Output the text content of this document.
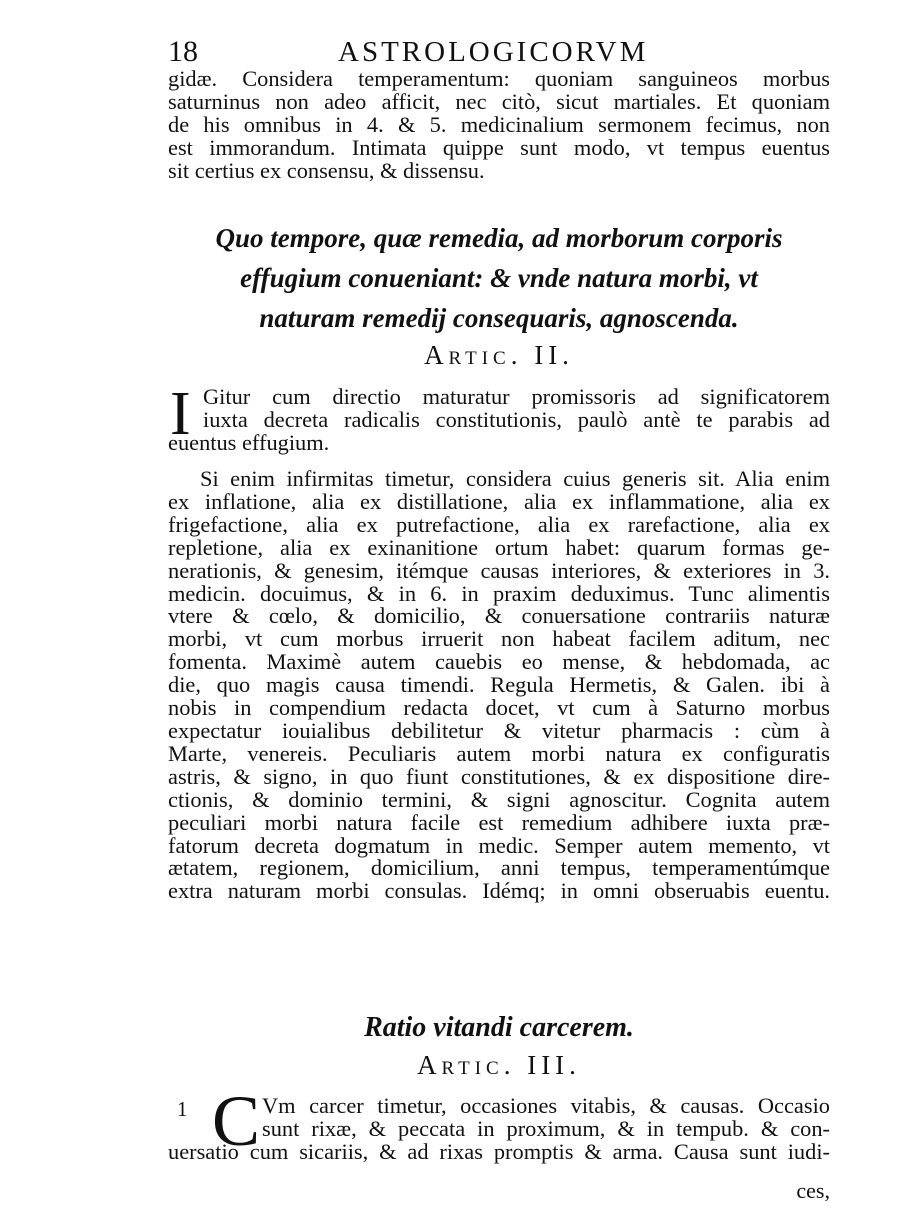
18	ASTROLOGICORVM
gidæ. Considera temperamentum: quoniam sanguineos morbus
saturninus non adeo afficit, nec citò, sicut martiales. Et quoniam
de his omnibus in 4. & 5. medicinalium sermonem fecimus, non
est immorandum. Intimata quippe sunt modo, vt tempus euentus
sit certius ex consensu, & dissensu.
Quo tempore, quæ remedia, ad morborum corporis
effugium conueniant: & vnde natura morbi, vt
naturam remedij consequaris, agnoscenda.
Artic. II.
I Gitur cum directio maturatur promissoris ad significatorem
iuxta decreta radicalis constitutionis, paulò antè te parabis ad
euentus effugium.
Si enim infirmitas timetur, considera cuius generis sit. Alia enim
ex inflatione, alia ex distillatione, alia ex inflammatione, alia ex
frigefactione, alia ex putrefactione, alia ex rarefactione, alia ex
repletione, alia ex exinanitione ortum habet: quarum formas ge-
nerationis, & genesim, itémque causas interiores, & exteriores in 3.
medicin. docuimus, & in 6. in praxim deduximus. Tunc alimentis
vtere & cœlo, & domicilio, & conuersatione contrariis naturæ
morbi, vt cum morbus irruerit non habeat facilem aditum, nec
fomenta. Maximè autem cauebis eo mense, & hebdomada, ac
die, quo magis causa timendi. Regula Hermetis, & Galen. ibi à
nobis in compendium redacta docet, vt cum à Saturno morbus
expectatur iouialibus debilitetur & vitetur pharmacis : cùm à
Marte, venereis. Peculiaris autem morbi natura ex configuratis
astris, & signo, in quo fiunt constitutiones, & ex dispositione dire-
ctionis, & dominio termini, & signi agnoscitur. Cognita autem
peculiari morbi natura facile est remedium adhibere iuxta præ-
fatorum decreta dogmatum in medic. Semper autem memento, vt
ætatem, regionem, domicilium, anni tempus, temperamentúmque
extra naturam morbi consulas. Idémq; in omni obseruabis euentu.
Ratio vitandi carcerem.
Artic. III.
1 C Vm carcer timetur, occasiones vitabis, & causas. Occasio
sunt rixæ, & peccata in proximum, & in tempub. & con-
uersatio cum sicariis, & ad rixas promptis & arma. Causa sunt iudi-
ces,
